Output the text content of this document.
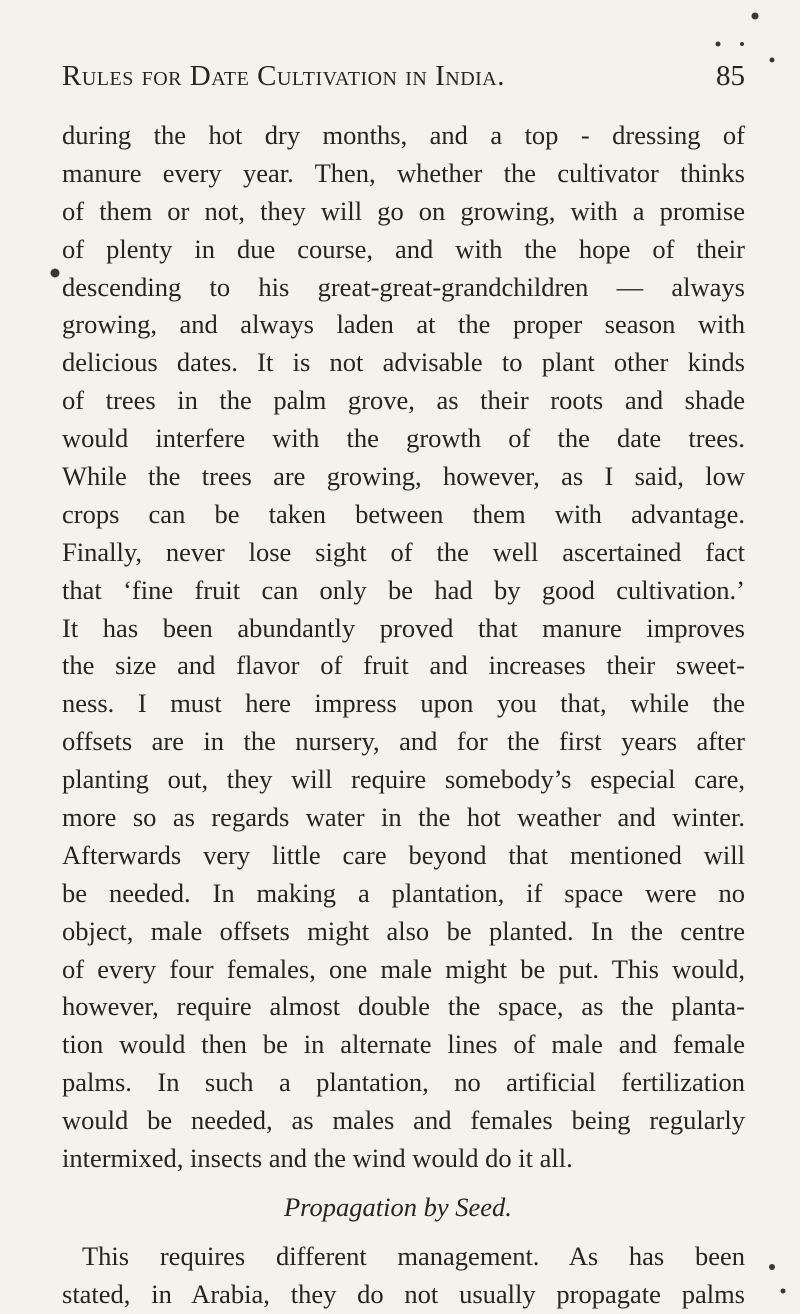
Rules for Date Cultivation in India.	85
during the hot dry months, and a top - dressing of
manure every year. Then, whether the cultivator thinks
of them or not, they will go on growing, with a promise
of plenty in due course, and with the hope of their
descending to his great-great-grandchildren — always
growing, and always laden at the proper season with
delicious dates. It is not advisable to plant other kinds
of trees in the palm grove, as their roots and shade
would interfere with the growth of the date trees.
While the trees are growing, however, as I said, low
crops can be taken between them with advantage.
Finally, never lose sight of the well ascertained fact
that ‘fine fruit can only be had by good cultivation.’
It has been abundantly proved that manure improves
the size and flavor of fruit and increases their sweet-
ness. I must here impress upon you that, while the
offsets are in the nursery, and for the first years after
planting out, they will require somebody’s especial care,
more so as regards water in the hot weather and winter.
Afterwards very little care beyond that mentioned will
be needed. In making a plantation, if space were no
object, male offsets might also be planted. In the centre
of every four females, one male might be put. This would,
however, require almost double the space, as the planta-
tion would then be in alternate lines of male and female
palms. In such a plantation, no artificial fertilization
would be needed, as males and females being regularly
intermixed, insects and the wind would do it all.
Propagation by Seed.
This requires different management. As has been
stated, in Arabia, they do not usually propagate palms
